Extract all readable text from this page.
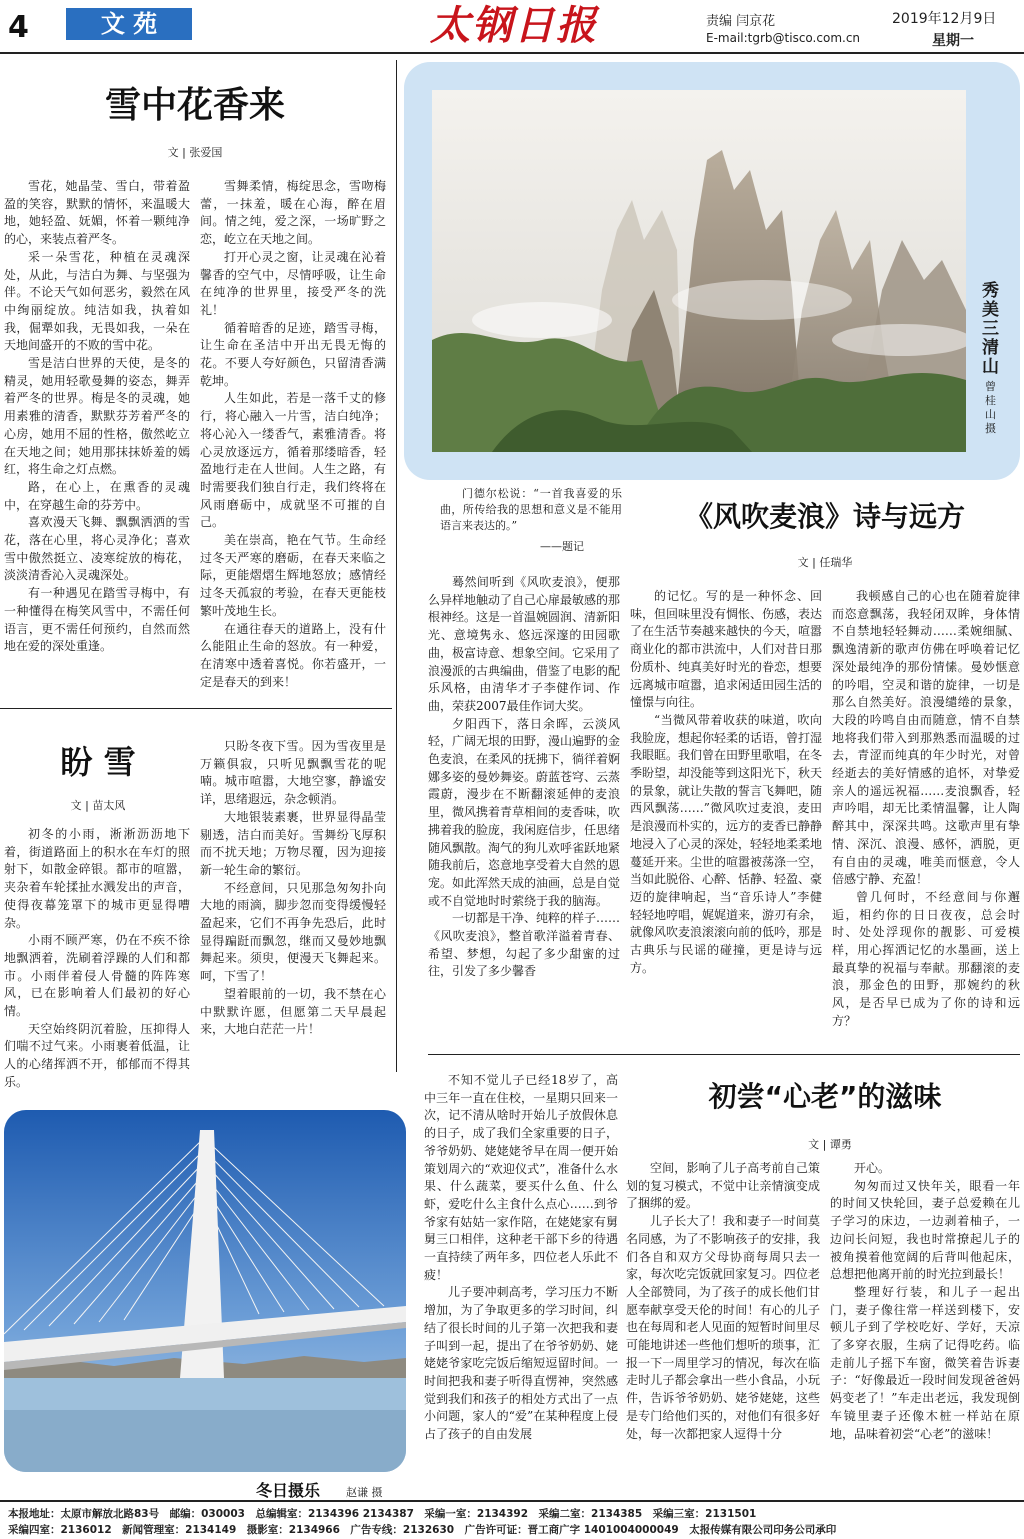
4	文 苑	太钢日报	责编 闫京花
E-mail:tgrb@tisco.com.cn
2019年12月9日
星期一
雪中花香来
文 | 张爱国

雪花，她晶莹、雪白，带着盈盈的笑容，默默的情怀，来温暖大地，她轻盈、妩媚，怀着一颗纯净的心，来装点着严冬。

采一朵雪花，种植在灵魂深处，从此，与洁白为舞、与坚强为伴。不论天气如何恶劣，毅然在风中绚丽绽放。纯洁如我，执着如我，倔犟如我，无畏如我，一朵在天地间盛开的不败的雪中花。

雪是洁白世界的天使，是冬的精灵，她用轻歌曼舞的姿态，舞弄着严冬的世界。梅是冬的灵魂，她用素雅的清香，默默芬芳着严冬的心房，她用不屈的性格，傲然屹立在天地之间；她用那抹抹娇羞的嫣红，将生命之灯点燃。

路，在心上，在熏香的灵魂中，在穿越生命的芬芳中。

喜欢漫天飞舞、飘飘洒洒的雪花，落在心里，将心灵净化；喜欢雪中傲然挺立、凌寒绽放的梅花，淡淡清香沁入灵魂深处。

有一种遇见在踏雪寻梅中，有一种懂得在梅笑风雪中，不需任何语言，更不需任何预约，自然而然地在爱的深处重逢。

雪舞柔情，梅绽思念，雪吻梅蕾，一抹羞，暖在心海，醉在眉间。情之纯，爱之深，一场旷野之恋，屹立在天地之间。

打开心灵之窗，让灵魂在沁着馨香的空气中，尽情呼吸，让生命在纯净的世界里，接受严冬的洗礼！

循着暗香的足迹，踏雪寻梅，让生命在圣洁中开出无畏无悔的花。不要人夸好颜色，只留清香满乾坤。

人生如此，若是一落千丈的修行，将心融入一片雪，洁白纯净；将心沁入一缕香气，素雅清香。将心灵放逐远方，循着那缕暗香，轻盈地行走在人世间。人生之路，有时需要我们独自行走，我们终将在风雨磨砺中，成就坚不可摧的自己。

美在崇高，艳在气节。生命经过冬天严寒的磨砺，在春天来临之际，更能熠熠生辉地怒放；感情经过冬天孤寂的考验，在春天更能枝繁叶茂地生长。

在通往春天的道路上，没有什么能阻止生命的怒放。有一种爱，在清寒中透着喜悦。你若盛开，一定是春天的到来！

秀美三清山
曾桂山 摄
盼 雪
文 | 苗太风

初冬的小雨，淅淅沥沥地下着，街道路面上的积水在车灯的照射下，如散金碎银。都市的喧嚣，夹杂着车轮揉扯水溅发出的声音，使得夜幕笼罩下的城市更显得嘈杂。

小雨不顾严寒，仍在不疾不徐地飘洒着，洗刷着浮躁的人们和都市。小雨伴着侵人骨髓的阵阵寒风，已在影响着人们最初的好心情。

天空始终阴沉着脸，压抑得人们喘不过气来。小雨裹着低温，让人的心绪挥洒不开，郁郁而不得其乐。

只盼冬夜下雪。因为雪夜里是万籁俱寂，只听见飘飘雪花的呢喃。城市喧嚣，大地空寥，静谧安详，思绪遐远，杂念顿消。

大地银装素裹，世界显得晶莹剔透，洁白而美好。雪舞纷飞厚积而不扰天地；万物尽覆，因为迎接新一轮生命的繁衍。

不经意间，只见那急匆匆扑向大地的雨滴，脚步忽而变得缓慢轻盈起来，它们不再争先恐后，此时显得蹁跹而飘忽，继而又曼妙地飘舞起来。须臾，便漫天飞舞起来。呵，下雪了！

望着眼前的一切，我不禁在心中默默许愿，但愿第二天早晨起来，大地白茫茫一片！

冬日摄乐 赵谦 摄
门德尔松说：“一首我喜爱的乐曲，所传给我的思想和意义是不能用语言来表达的。”
——题记
《风吹麦浪》诗与远方
文 | 任瑞华

蓦然间听到《风吹麦浪》，便那么异样地触动了自己心扉最敏感的那根神经。这是一首温婉圆润、清新阳光、意境隽永、悠远深邃的田园歌曲，极富诗意、想象空间。它采用了浪漫派的古典编曲，借鉴了电影的配乐风格，由清华才子李健作词、作曲，荣获2007最佳作词大奖。

夕阳西下，落日余晖，云淡风轻，广阔无垠的田野，漫山遍野的金色麦浪，在柔风的抚拂下，徜徉着婀娜多姿的曼妙舞姿。蔚蓝苍穹、云蒸霞蔚，漫步在不断翻滚延伸的麦浪里，微风携着青草相间的麦香味，吹拂着我的脸庞，我闲庭信步，任思绪随风飘散。淘气的狗儿欢呼雀跃地紧随我前后，恣意地享受着大自然的恩宠。如此浑然天成的油画，总是自觉或不自觉地时时萦绕于我的脑海。

一切都是干净、纯粹的样子……《风吹麦浪》，整首歌洋溢着青春、希望、梦想，勾起了多少甜蜜的过往，引发了多少馨香

的记忆。写的是一种怀念、回味，但回味里没有惆怅、伤感，表达了在生活节奏越来越快的今天，喧嚣商业化的都市洪流中，人们对昔日那份质朴、纯真美好时光的眷恋，想要远离城市喧嚣，追求闲适田园生活的憧憬与向往。

“当微风带着收获的味道，吹向我脸庞，想起你轻柔的话语，曾打湿我眼眶。我们曾在田野里歌唱，在冬季盼望，却没能等到这阳光下，秋天的景象，就让失散的誓言飞舞吧，随西风飘荡……”微风吹过麦浪，麦田是浪漫而朴实的，远方的麦香已静静地浸入了心灵的深处，轻轻地柔柔地蔓延开来。尘世的喧嚣被荡涤一空，当如此脱俗、心醉、恬静、轻盈、豪迈的旋律响起，当“音乐诗人”李健轻轻地哼唱，娓娓道来，游刃有余，就像风吹麦浪滚滚向前的低吟，那是古典乐与民谣的碰撞，更是诗与远方。

我顿感自己的心也在随着旋律而恣意飘荡，我轻闭双眸，身体情不自禁地轻轻舞动……柔婉细腻、飘逸清新的歌声仿佛在呼唤着记忆深处最纯净的那份情愫。曼妙惬意的吟唱，空灵和谐的旋律，一切是那么自然美好。浪漫缱绻的景象，大段的吟鸣自由而随意，情不自禁地将我们带入到那熟悉而温暖的过去，青涩而纯真的年少时光，对曾经逝去的美好情感的追怀，对挚爱亲人的遥远祝福……麦浪飘香，轻声吟唱，却无比柔情温馨，让人陶醉其中，深深共鸣。这歌声里有挚情、深沉、浪漫、感怀，洒脱，更有自由的灵魂，唯美而惬意，令人倍感宁静、充盈！

曾几何时，不经意间与你邂逅，相约你的日日夜夜，总会时时、处处浮现你的靓影、可爱模样，用心挥洒记忆的水墨画，送上最真挚的祝福与奉献。那翻滚的麦浪，那金色的田野，那婉约的秋风，是否早已成为了你的诗和远方？

初尝“心老”的滋味
文 | 谭勇

不知不觉儿子已经18岁了，高中三年一直在住校，一星期只回来一次，记不清从啥时开始儿子放假休息的日子，成了我们全家重要的日子，爷爷奶奶、姥姥姥爷早在周一便开始策划周六的“欢迎仪式”，准备什么水果、什么蔬菜，要买什么鱼、什么虾，爱吃什么主食什么点心……到爷爷家有姑姑一家作陪，在姥姥家有舅舅三口相伴，这种老干部下乡的待遇一直持续了两年多，四位老人乐此不疲！

儿子要冲刺高考，学习压力不断增加，为了争取更多的学习时间，纠结了很长时间的儿子第一次把我和妻子叫到一起，提出了在爷爷奶奶、姥姥姥爷家吃完饭后缩短逗留时间。一时间把我和妻子听得直愣神，突然感觉到我们和孩子的相处方式出了一点小问题，家人的“爱”在某种程度上侵占了孩子的自由发展

空间，影响了儿子高考前自己策划的复习模式，不觉中让亲情演变成了捆绑的爱。

儿子长大了！我和妻子一时间莫名同感，为了不影响孩子的安排，我们各自和双方父母协商每周只去一家，每次吃完饭就回家复习。四位老人全部赞同，为了孩子的成长他们甘愿奉献享受天伦的时间！有心的儿子也在每周和老人见面的短暂时间里尽可能地讲述一些他们想听的琐事，汇报一下一周里学习的情况，每次在临走时儿子都会拿出一些小食品，小玩件，告诉爷爷奶奶、姥爷姥姥，这些是专门给他们买的，对他们有很多好处，每一次都把家人逗得十分

开心。

匆匆而过又快年关，眼看一年的时间又快轮回，妻子总爱赖在儿子学习的床边，一边剥着柚子，一边问长问短，我也时常撩起儿子的被角摸着他宽阔的后背叫他起床，总想把他离开前的时光拉到最长！

整理好行装，和儿子一起出门，妻子像往常一样送到楼下，安顿儿子到了学校吃好、学好，天凉了多穿衣服，生病了记得吃药。临走前儿子摇下车窗，微笑着告诉妻子：“好像最近一段时间发现爸爸妈妈变老了！”车走出老远，我发现倒车镜里妻子还像木桩一样站在原地，品味着初尝“心老”的滋味！

本报地址：太原市解放北路83号　邮编：030003　总编辑室：2134396 2134387　采编一室：2134392　采编二室：2134385　采编三室：2131501
采编四室：2136012　新闻管理室：2134149　摄影室：2134966　广告专线：2132630　广告许可证：晋工商广字 1401004000049　太报传媒有限公司印务公司承印
